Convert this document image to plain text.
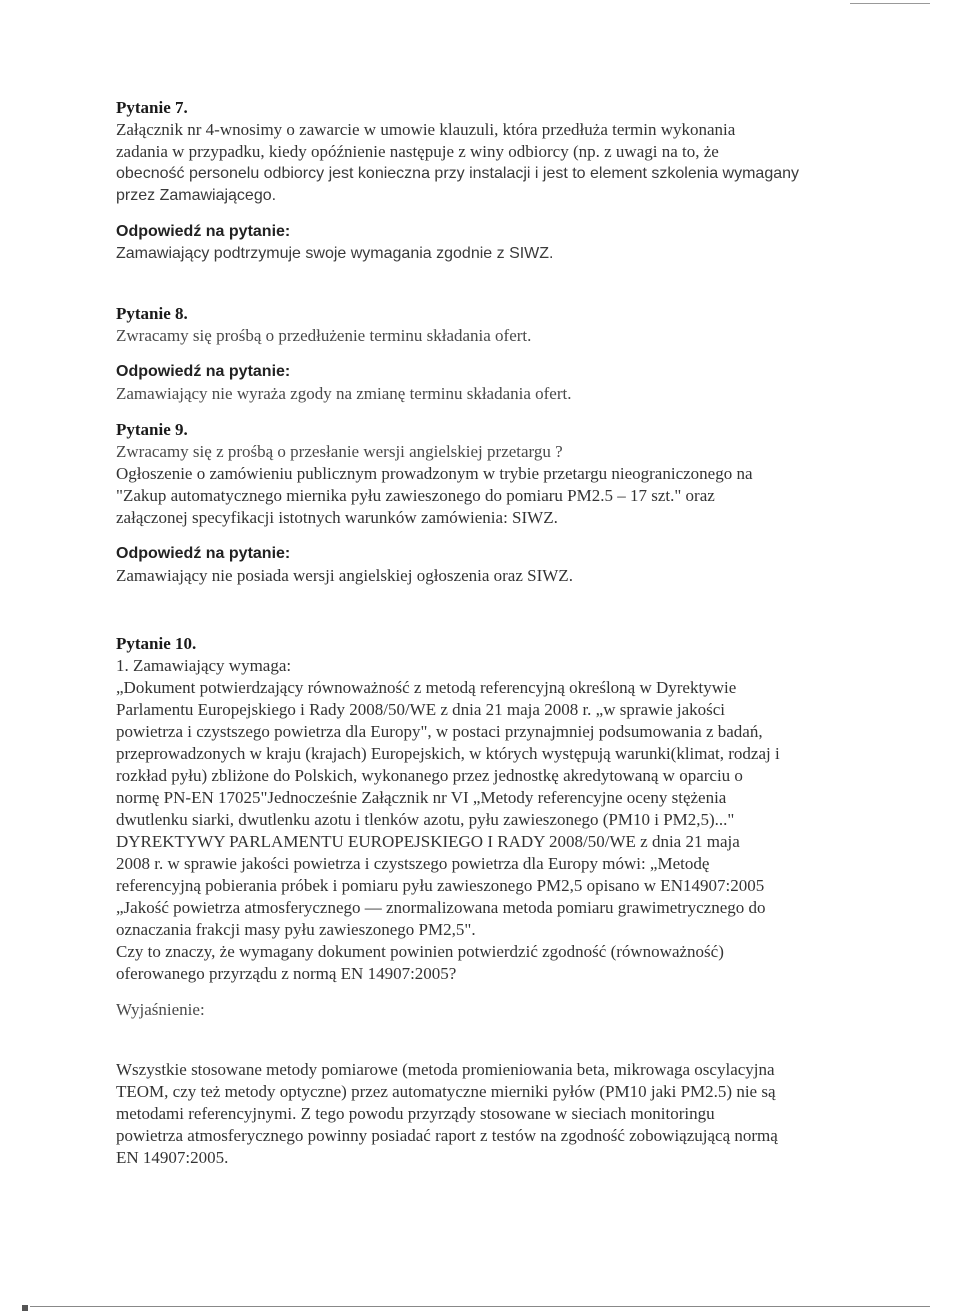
Pytanie 7.

Załącznik nr 4-wnosimy o zawarcie w umowie klauzuli, która przedłuża termin wykonania

zadania w przypadku, kiedy opóźnienie następuje z winy odbiorcy (np. z uwagi na to, że

obecność personelu odbiorcy jest konieczna przy instalacji i jest to element szkolenia wymagany

przez Zamawiającego.

Odpowiedź na pytanie:

Zamawiający podtrzymuje swoje wymagania zgodnie z SIWZ.

Pytanie 8.

Zwracamy się prośbą o przedłużenie terminu składania ofert.

Odpowiedź na pytanie:

Zamawiający nie wyraża zgody na zmianę terminu składania ofert.

Pytanie 9.

Zwracamy się z prośbą o przesłanie wersji angielskiej przetargu ?

Ogłoszenie o zamówieniu publicznym prowadzonym w trybie przetargu nieograniczonego na

"Zakup automatycznego miernika pyłu zawieszonego do pomiaru PM2.5 – 17 szt." oraz

załączonej specyfikacji istotnych warunków zamówienia: SIWZ.

Odpowiedź na pytanie:

Zamawiający nie posiada wersji angielskiej ogłoszenia oraz SIWZ.

Pytanie 10.

1. Zamawiający wymaga:

„Dokument potwierdzający równoważność z metodą referencyjną określoną w Dyrektywie

Parlamentu Europejskiego i Rady 2008/50/WE z dnia 21 maja 2008 r. „w sprawie jakości

powietrza i czystszego powietrza dla Europy", w postaci przynajmniej podsumowania z badań,

przeprowadzonych w kraju (krajach) Europejskich, w których występują warunki(klimat, rodzaj i

rozkład pyłu) zbliżone do Polskich, wykonanego przez jednostkę akredytowaną w oparciu o

normę PN-EN 17025"Jednocześnie Załącznik nr VI „Metody referencyjne oceny stężenia

dwutlenku siarki, dwutlenku azotu i tlenków azotu, pyłu zawieszonego (PM10 i PM2,5)..."

DYREKTYWY PARLAMENTU EUROPEJSKIEGO I RADY 2008/50/WE z dnia 21 maja

2008 r. w sprawie jakości powietrza i czystszego powietrza dla Europy mówi: „Metodę

referencyjną pobierania próbek i pomiaru pyłu zawieszonego PM2,5 opisano w EN14907:2005

„Jakość powietrza atmosferycznego — znormalizowana metoda pomiaru grawimetrycznego do

oznaczania frakcji masy pyłu zawieszonego PM2,5".

Czy to znaczy, że wymagany dokument powinien potwierdzić zgodność (równoważność)

oferowanego przyrządu z normą EN 14907:2005?

Wyjaśnienie:

Wszystkie stosowane metody pomiarowe (metoda promieniowania beta, mikrowaga oscylacyjna

TEOM, czy też metody optyczne) przez automatyczne mierniki pyłów (PM10 jaki PM2.5) nie są

metodami referencyjnymi. Z tego powodu przyrządy stosowane w sieciach monitoringu

powietrza atmosferycznego powinny posiadać raport z testów na zgodność zobowiązującą normą

EN 14907:2005.
